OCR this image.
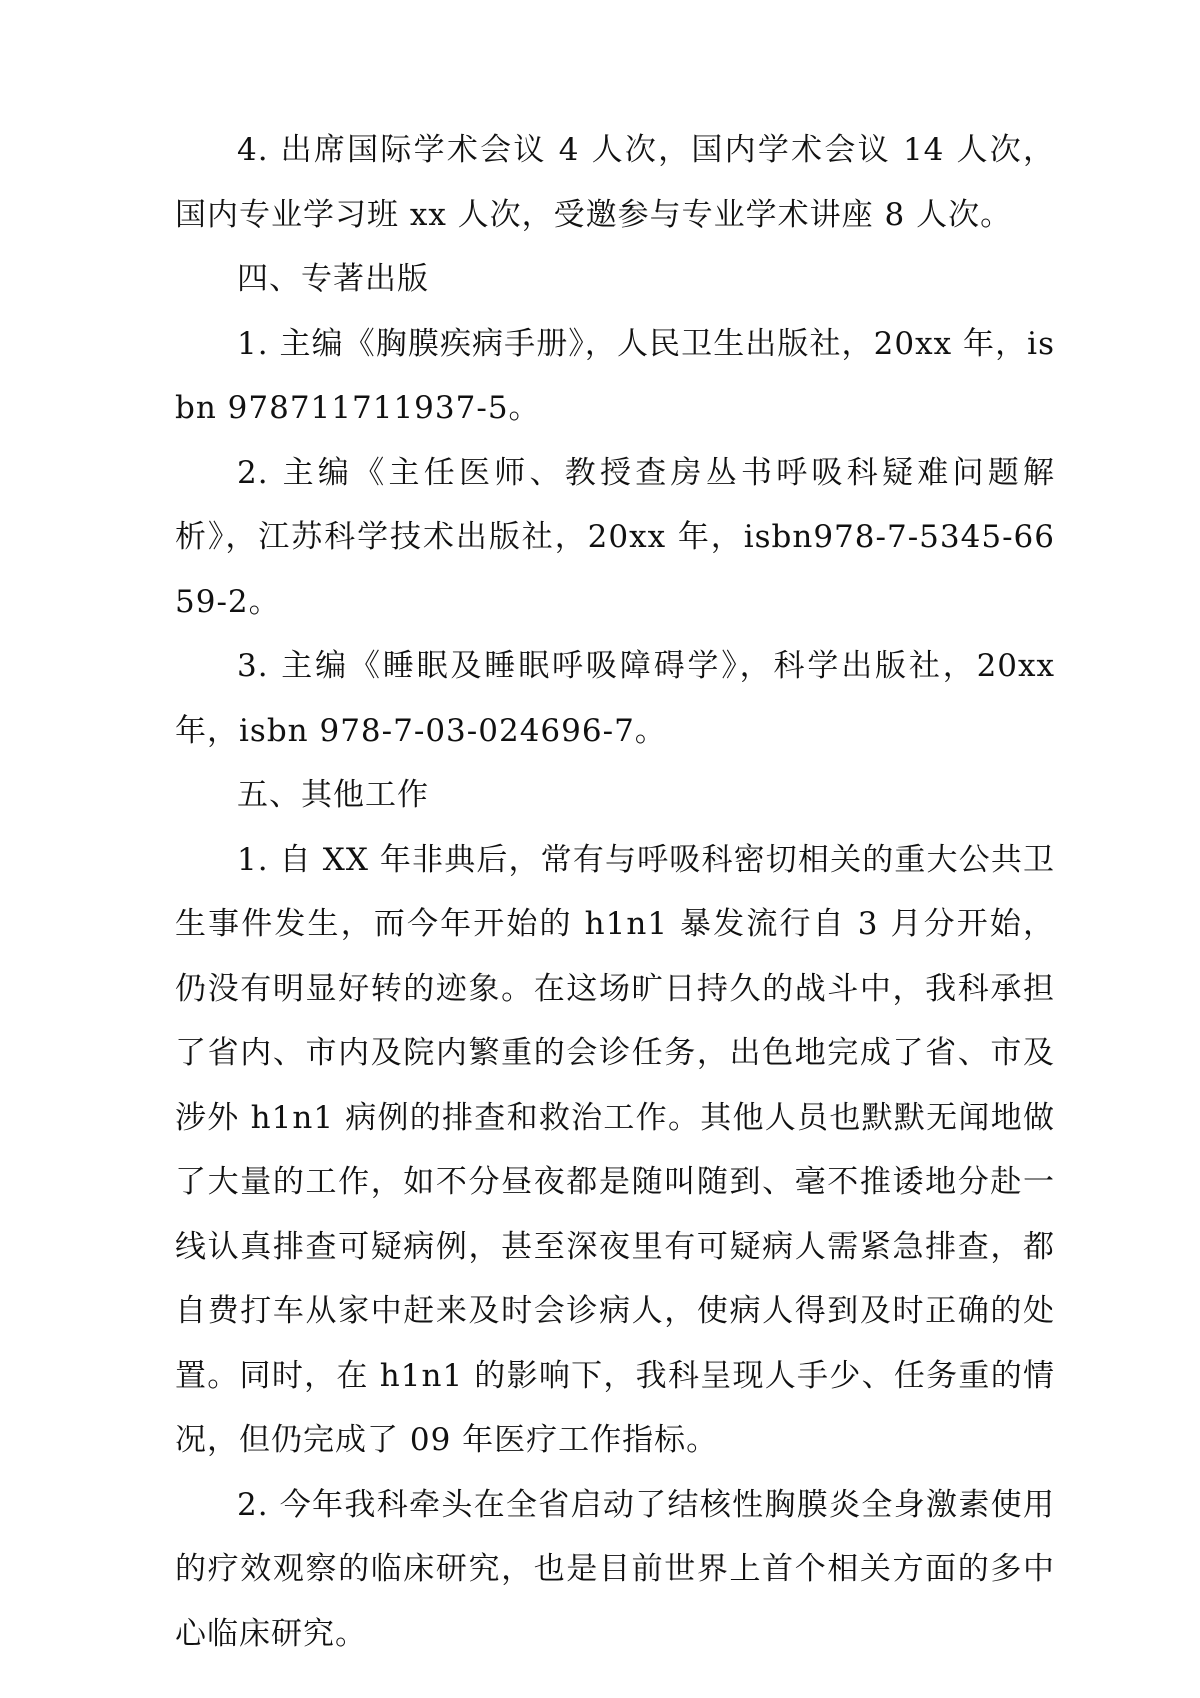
4. 出席国际学术会议 4 人次，国内学术会议 14 人次，国内专业学习班 xx 人次，受邀参与专业学术讲座 8 人次。

四、专著出版

1. 主编《胸膜疾病手册》，人民卫生出版社，20xx 年，isbn 978711711937-5。

2. 主编《主任医师、教授查房丛书呼吸科疑难问题解析》，江苏科学技术出版社，20xx 年，isbn978-7-5345-6659-2。

3. 主编《睡眠及睡眠呼吸障碍学》，科学出版社，20xx 年，isbn 978-7-03-024696-7。

五、其他工作

1. 自 XX 年非典后，常有与呼吸科密切相关的重大公共卫生事件发生，而今年开始的 h1n1 暴发流行自 3 月分开始，仍没有明显好转的迹象。在这场旷日持久的战斗中，我科承担了省内、市内及院内繁重的会诊任务，出色地完成了省、市及涉外 h1n1 病例的排查和救治工作。其他人员也默默无闻地做了大量的工作，如不分昼夜都是随叫随到、毫不推诿地分赴一线认真排查可疑病例，甚至深夜里有可疑病人需紧急排查，都自费打车从家中赶来及时会诊病人，使病人得到及时正确的处置。同时，在 h1n1 的影响下，我科呈现人手少、任务重的情况，但仍完成了 09 年医疗工作指标。

2. 今年我科牵头在全省启动了结核性胸膜炎全身激素使用的疗效观察的临床研究，也是目前世界上首个相关方面的多中心临床研究。
